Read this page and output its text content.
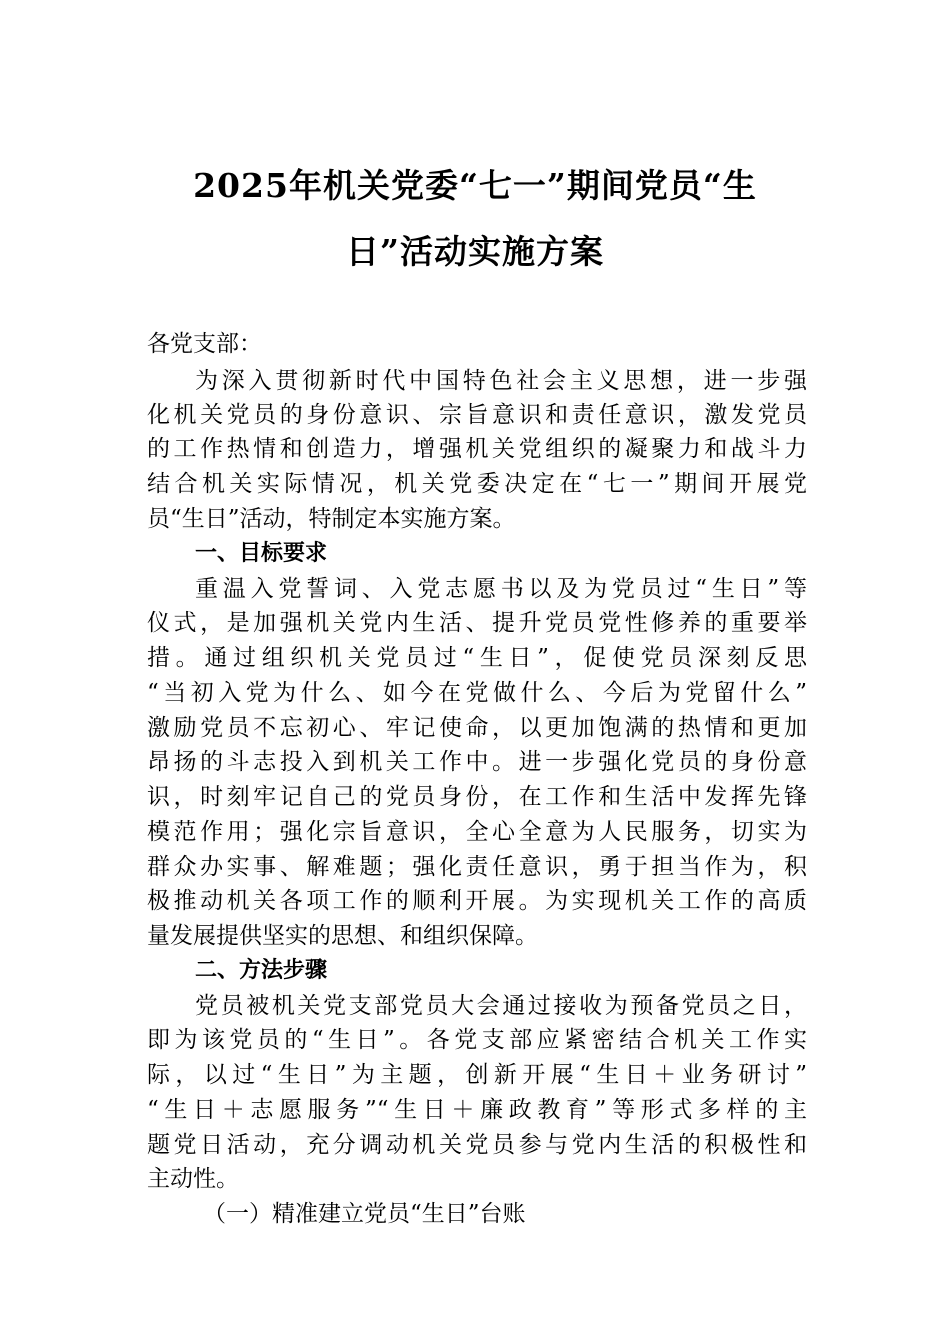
2025年机关党委“七一”期间党员“生
日”活动实施方案
各党支部：
为深入贯彻新时代中国特色社会主义思想，进一步强
化机关党员的身份意识、宗旨意识和责任意识，激发党员
的工作热情和创造力，增强机关党组织的凝聚力和战斗力
结合机关实际情况，机关党委决定在“七一”期间开展党
员“生日”活动，特制定本实施方案。
一、目标要求
重温入党誓词、入党志愿书以及为党员过“生日”等
仪式，是加强机关党内生活、提升党员党性修养的重要举
措。通过组织机关党员过“生日”，促使党员深刻反思
“当初入党为什么、如今在党做什么、今后为党留什么”
激励党员不忘初心、牢记使命，以更加饱满的热情和更加
昂扬的斗志投入到机关工作中。进一步强化党员的身份意
识，时刻牢记自己的党员身份，在工作和生活中发挥先锋
模范作用；强化宗旨意识，全心全意为人民服务，切实为
群众办实事、解难题；强化责任意识，勇于担当作为，积
极推动机关各项工作的顺利开展。为实现机关工作的高质
量发展提供坚实的思想、和组织保障。
二、方法步骤
党员被机关党支部党员大会通过接收为预备党员之日，
即为该党员的“生日”。各党支部应紧密结合机关工作实
际，以过“生日”为主题，创新开展“生日＋业务研讨”
“生日＋志愿服务”“生日＋廉政教育”等形式多样的主
题党日活动，充分调动机关党员参与党内生活的积极性和
主动性。
（一）精准建立党员“生日”台账
